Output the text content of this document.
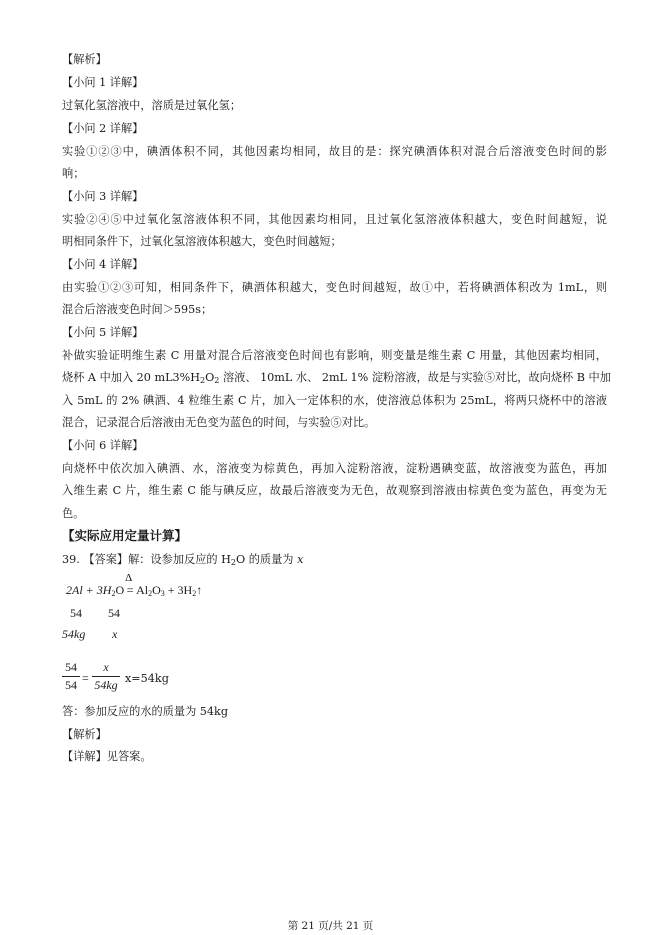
【解析】
【小问 1 详解】
过氧化氢溶液中，溶质是过氧化氢；
【小问 2 详解】
实验①②③中，碘酒体积不同，其他因素均相同，故目的是：探究碘酒体积对混合后溶液变色时间的影
响；
【小问 3 详解】
实验②④⑤中过氧化氢溶液体积不同，其他因素均相同，且过氧化氢溶液体积越大，变色时间越短，说
明相同条件下，过氧化氢溶液体积越大，变色时间越短；
【小问 4 详解】
由实验①②③可知，相同条件下，碘酒体积越大，变色时间越短，故①中，若将碘酒体积改为 1mL，则
混合后溶液变色时间＞595s；
【小问 5 详解】
补做实验证明维生素 C 用量对混合后溶液变色时间也有影响，则变量是维生素 C 用量，其他因素均相同，
烧杯 A 中加入 20 $mL3\%H_2O_2$ 溶液、 10mL 水、 2mL 1% 淀粉溶液，故是与实验⑤对比，故向烧杯 B 中加
入 5mL 的 2% 碘酒、4 粒维生素 C 片，加入一定体积的水，使溶液总体积为 25mL，将两只烧杯中的溶液
混合，记录混合后溶液由无色变为蓝色的时间，与实验⑤对比。
【小问 6 详解】
向烧杯中依次加入碘酒、水，溶液变为棕黄色，再加入淀粉溶液，淀粉遇碘变蓝，故溶液变为蓝色，再加
入维生素 C 片，维生素 C 能与碘反应，故最后溶液变为无色，故观察到溶液由棕黄色变为蓝色，再变为无
色。
【实际应用定量计算】
39. 【答案】解：设参加反应的 $H_2O$ 的质量为 x
$2Al + 3H_2O$
Δ
= $Al_2O_3$ + $3H_2↑$
54 54
54kg x
54
54 =
x
54kg x=54kg
答：参加反应的水的质量为 54kg
【解析】
【详解】见答案。
第 21 页/共 21 页
